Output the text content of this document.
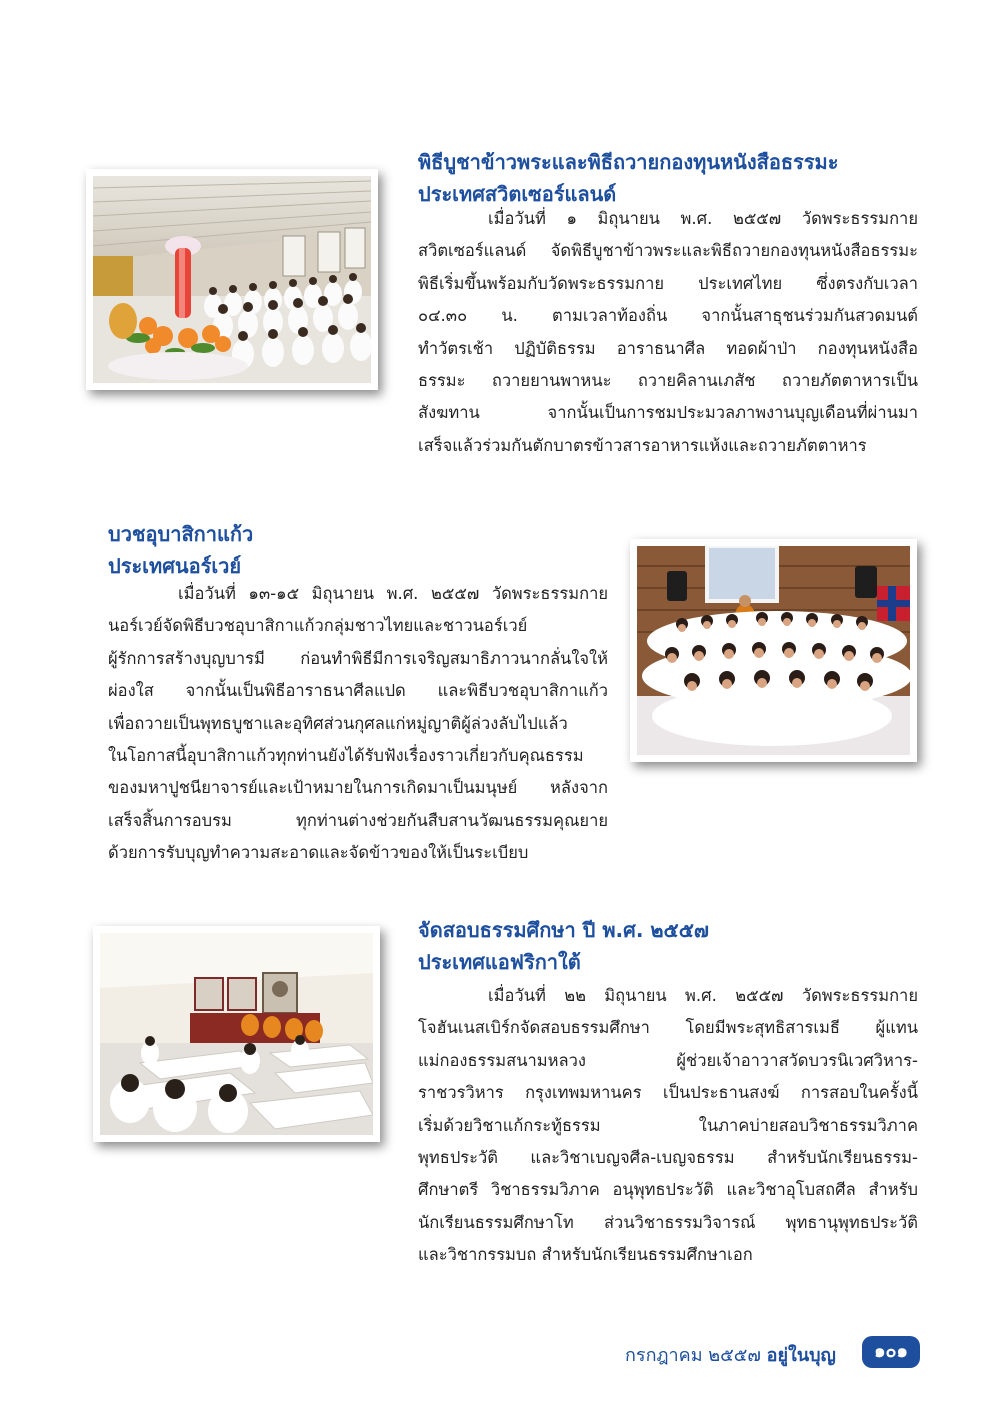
พิธีบูชาข้าวพระและพิธีถวายกองทุนหนังสือธรรมะ
ประเทศสวิตเซอร์แลนด์
เมื่อวันที่ ๑ มิถุนายน พ.ศ. ๒๕๕๗ วัดพระธรรมกาย
สวิตเซอร์แลนด์ จัดพิธีบูชาข้าวพระและพิธีถวายกองทุนหนังสือธรรมะ
พิธีเริ่มขึ้นพร้อมกับวัดพระธรรมกาย ประเทศไทย ซึ่งตรงกับเวลา
๐๔.๓๐ น. ตามเวลาท้องถิ่น จากนั้นสาธุชนร่วมกันสวดมนต์
ทำวัตรเช้า ปฏิบัติธรรม อาราธนาศีล ทอดผ้าป่า กองทุนหนังสือ
ธรรมะ ถวายยานพาหนะ ถวายคิลานเภสัช ถวายภัตตาหารเป็น
สังฆทาน จากนั้นเป็นการชมประมวลภาพงานบุญเดือนที่ผ่านมา
เสร็จแล้วร่วมกันตักบาตรข้าวสารอาหารแห้งและถวายภัตตาหาร
บวชอุบาสิกาแก้ว
ประเทศนอร์เวย์
เมื่อวันที่ ๑๓-๑๕ มิถุนายน พ.ศ. ๒๕๕๗ วัดพระธรรมกาย
นอร์เวย์จัดพิธีบวชอุบาสิกาแก้วกลุ่มชาวไทยและชาวนอร์เวย์
ผู้รักการสร้างบุญบารมี ก่อนทำพิธีมีการเจริญสมาธิภาวนากลั่นใจให้
ผ่องใส จากนั้นเป็นพิธีอาราธนาศีลแปด และพิธีบวชอุบาสิกาแก้ว
เพื่อถวายเป็นพุทธบูชาและอุทิศส่วนกุศลแก่หมู่ญาติผู้ล่วงลับไปแล้ว
ในโอกาสนี้อุบาสิกาแก้วทุกท่านยังได้รับฟังเรื่องราวเกี่ยวกับคุณธรรม
ของมหาปูชนียาจารย์และเป้าหมายในการเกิดมาเป็นมนุษย์ หลังจาก
เสร็จสิ้นการอบรม ทุกท่านต่างช่วยกันสืบสานวัฒนธรรมคุณยาย
ด้วยการรับบุญทำความสะอาดและจัดข้าวของให้เป็นระเบียบ
จัดสอบธรรมศึกษา ปี พ.ศ. ๒๕๕๗
ประเทศแอฟริกาใต้
เมื่อวันที่ ๒๒ มิถุนายน พ.ศ. ๒๕๕๗ วัดพระธรรมกาย
โจฮันเนสเบิร์กจัดสอบธรรมศึกษา โดยมีพระสุทธิสารเมธี ผู้แทน
แม่กองธรรมสนามหลวง ผู้ช่วยเจ้าอาวาสวัดบวรนิเวศวิหาร-
ราชวรวิหาร กรุงเทพมหานคร เป็นประธานสงฆ์ การสอบในครั้งนี้
เริ่มด้วยวิชาแก้กระทู้ธรรม ในภาคบ่ายสอบวิชาธรรมวิภาค
พุทธประวัติ และวิชาเบญจศีล-เบญจธรรม สำหรับนักเรียนธรรม-
ศึกษาตรี วิชาธรรมวิภาค อนุพุทธประวัติ และวิชาอุโบสถศีล สำหรับ
นักเรียนธรรมศึกษาโท ส่วนวิชาธรรมวิจารณ์ พุทธานุพุทธประวัติ
และวิชากรรมบถ สำหรับนักเรียนธรรมศึกษาเอก
กรกฎาคม ๒๕๕๗ อยู่ในบุญ	๑๐๑
